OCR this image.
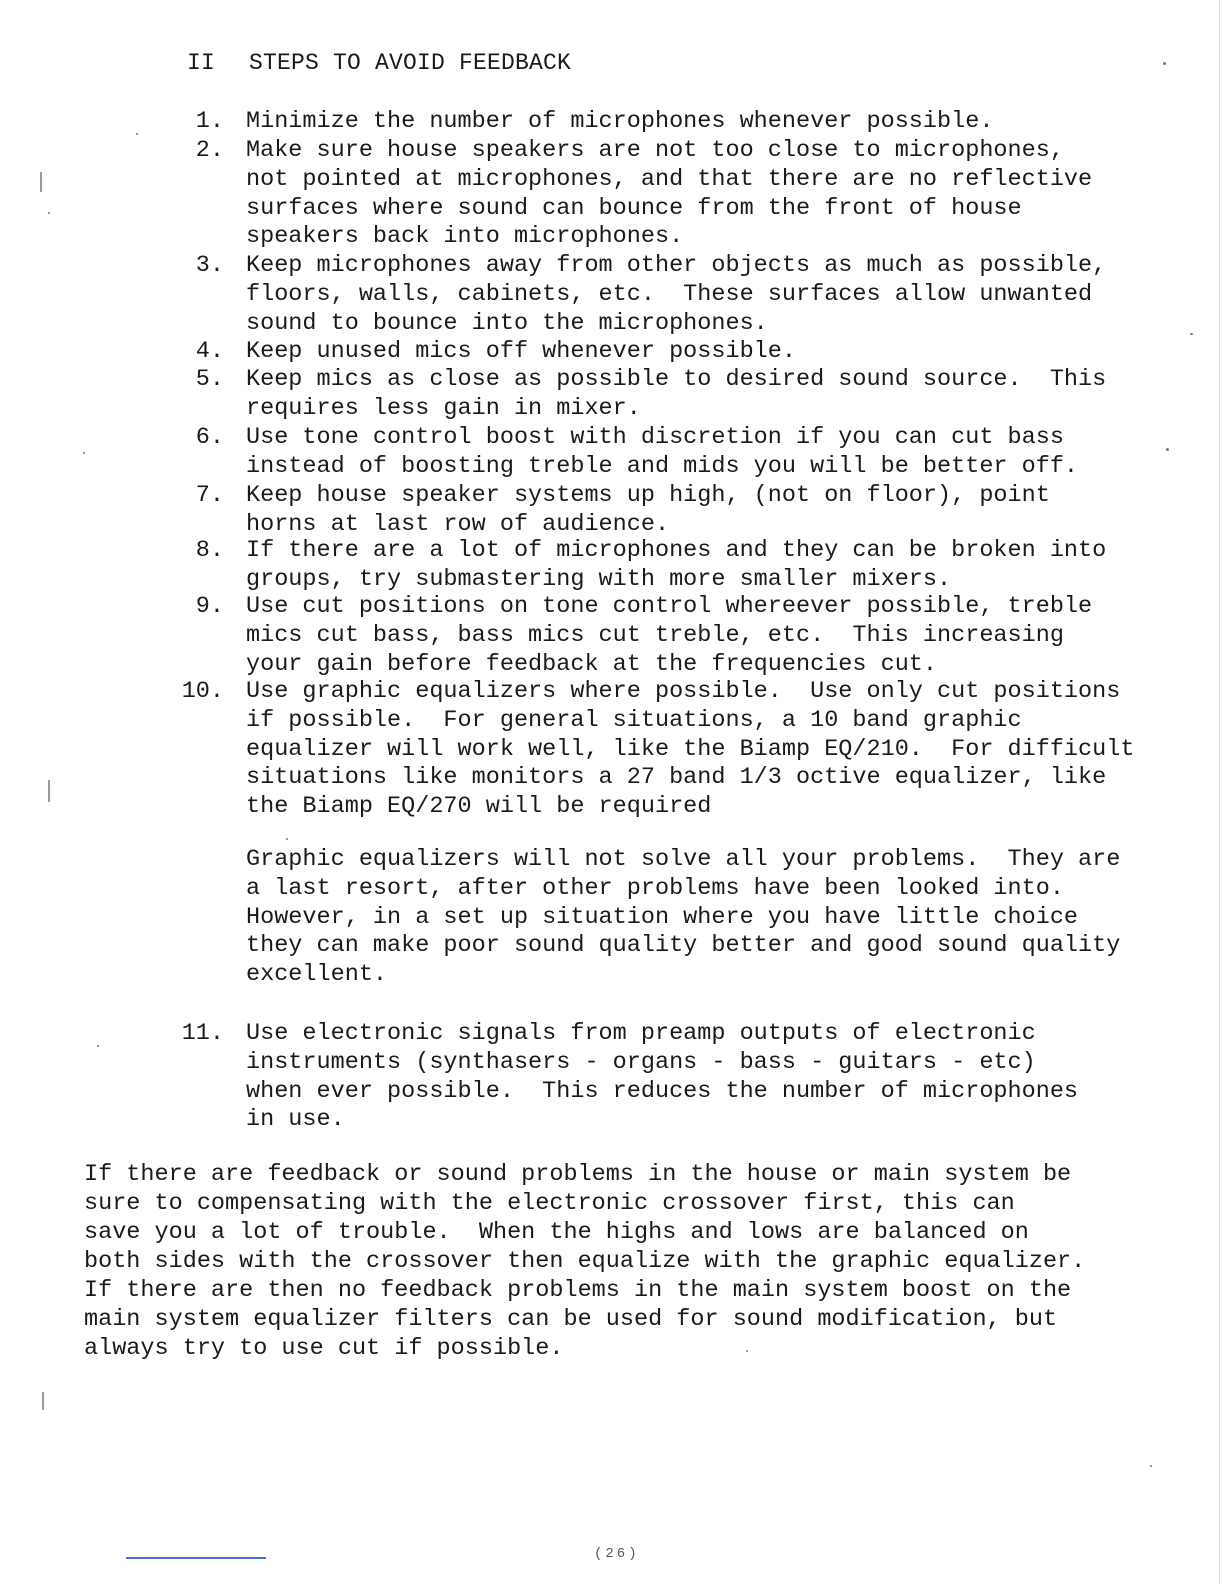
II STEPS TO AVOID FEEDBACK
1. Minimize the number of microphones whenever possible.
2. Make sure house speakers are not too close to microphones,
not pointed at microphones, and that there are no reflective
surfaces where sound can bounce from the front of house
speakers back into microphones.
3. Keep microphones away from other objects as much as possible,
floors, walls, cabinets, etc.  These surfaces allow unwanted
sound to bounce into the microphones.
4. Keep unused mics off whenever possible.
5. Keep mics as close as possible to desired sound source.  This
requires less gain in mixer.
6. Use tone control boost with discretion if you can cut bass
instead of boosting treble and mids you will be better off.
7. Keep house speaker systems up high, (not on floor), point
horns at last row of audience.
8. If there are a lot of microphones and they can be broken into
groups, try submastering with more smaller mixers.
9. Use cut positions on tone control whereever possible, treble
mics cut bass, bass mics cut treble, etc.  This increasing
your gain before feedback at the frequencies cut.
10. Use graphic equalizers where possible.  Use only cut positions
if possible.  For general situations, a 10 band graphic
equalizer will work well, like the Biamp EQ/210.  For difficult
situations like monitors a 27 band 1/3 octive equalizer, like
the Biamp EQ/270 will be required
11. Use electronic signals from preamp outputs of electronic
instruments (synthasers - organs - bass - guitars - etc)
when ever possible.  This reduces the number of microphones
in use.
Graphic equalizers will not solve all your problems.  They are
a last resort, after other problems have been looked into.
However, in a set up situation where you have little choice
they can make poor sound quality better and good sound quality
excellent.
If there are feedback or sound problems in the house or main system be
sure to compensating with the electronic crossover first, this can
save you a lot of trouble.  When the highs and lows are balanced on
both sides with the crossover then equalize with the graphic equalizer.
If there are then no feedback problems in the main system boost on the
main system equalizer filters can be used for sound modification, but
always try to use cut if possible.
(26)
